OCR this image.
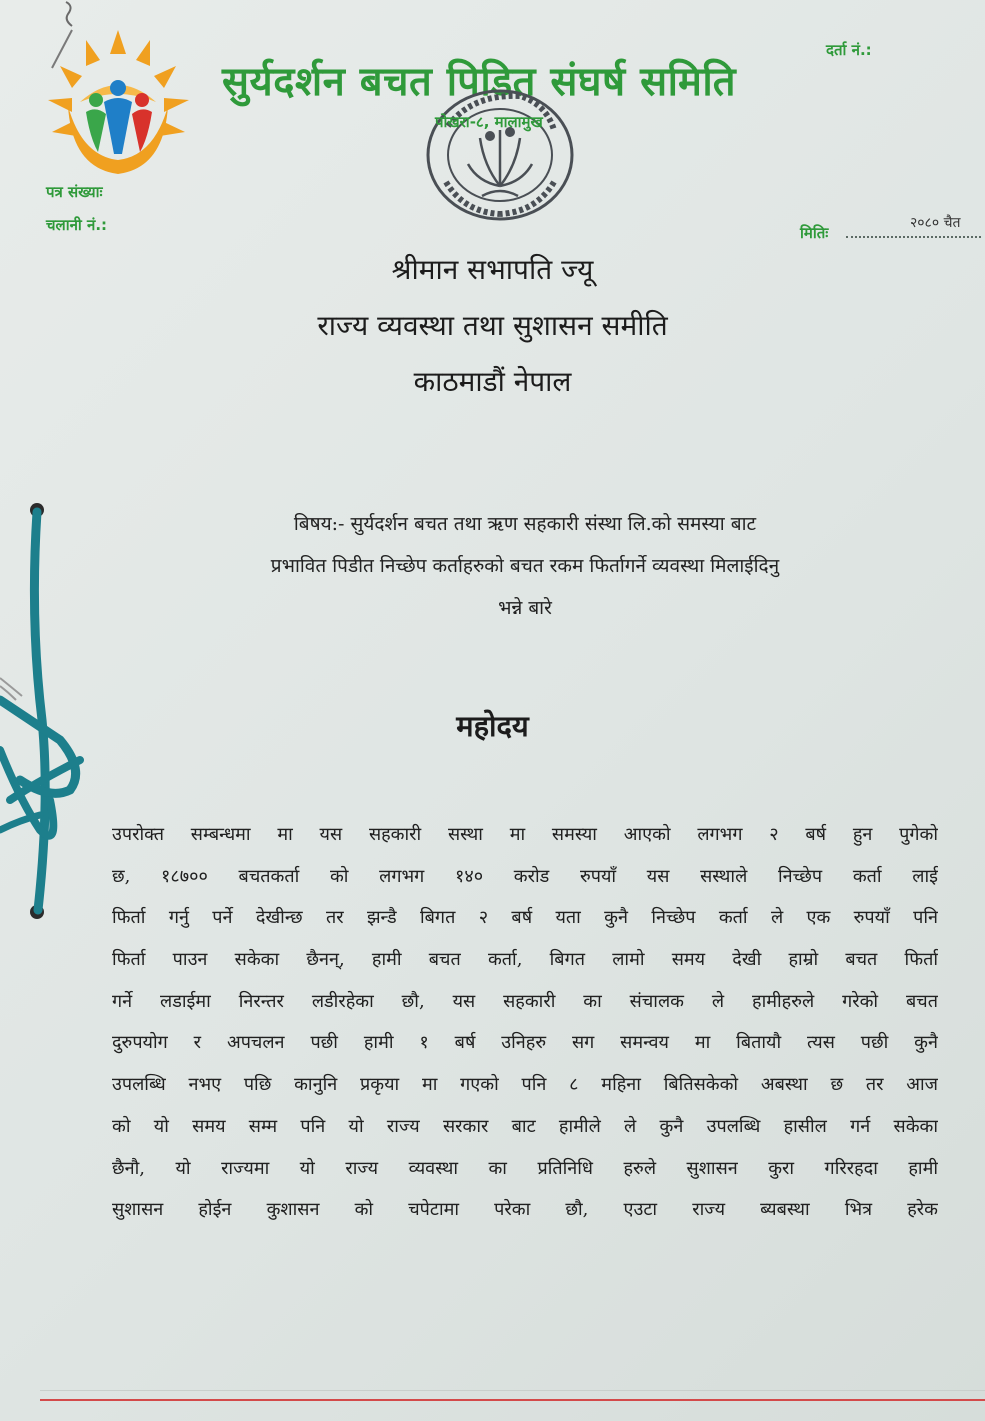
सुर्यदर्शन बचत पिडित संघर्ष समिति
पोखरा-८, मालामुख
दर्ता नं.:
पत्र संख्याः
चलानी नं.:	मितिः
२०८० चैत
श्रीमान सभापति ज्यू
राज्य व्यवस्था तथा सुशासन समीति
काठमाडौं नेपाल
बिषय:- सुर्यदर्शन बचत तथा ऋण सहकारी संस्था लि.को समस्या बाट
प्रभावित पिडीत निच्छेप कर्ताहरुको बचत रकम फिर्तागर्ने व्यवस्था मिलाईदिनु
भन्ने बारे
महोदय
उपरोक्त सम्बन्धमा मा यस सहकारी सस्था मा समस्या आएको लगभग २ बर्ष हुन पुगेको
छ, १८७०० बचतकर्ता को लगभग १४० करोड रुपयाँ यस सस्थाले निच्छेप कर्ता लाई
फिर्ता गर्नु पर्ने देखीन्छ तर झन्डै बिगत २ बर्ष यता कुनै निच्छेप कर्ता ले एक रुपयाँ पनि
फिर्ता पाउन सकेका छैनन्, हामी बचत कर्ता, बिगत लामो समय देखी हाम्रो बचत फिर्ता
गर्ने लडाईमा निरन्तर लडीरहेका छौ, यस सहकारी का संचालक ले हामीहरुले गरेको बचत
दुरुपयोग र अपचलन पछी हामी १ बर्ष उनिहरु सग समन्वय मा बितायौ त्यस पछी कुनै
उपलब्धि नभए पछि कानुनि प्रकृया मा गएको पनि ८ महिना बितिसकेको अबस्था छ तर आज
को यो समय सम्म पनि यो राज्य सरकार बाट हामीले ले कुनै उपलब्धि हासील गर्न सकेका
छैनौ, यो राज्यमा यो राज्य व्यवस्था का प्रतिनिधि हरुले सुशासन कुरा गरिरहदा हामी
सुशासन होईन कुशासन को चपेटामा परेका छौ, एउटा राज्य ब्यबस्था भित्र हरेक
